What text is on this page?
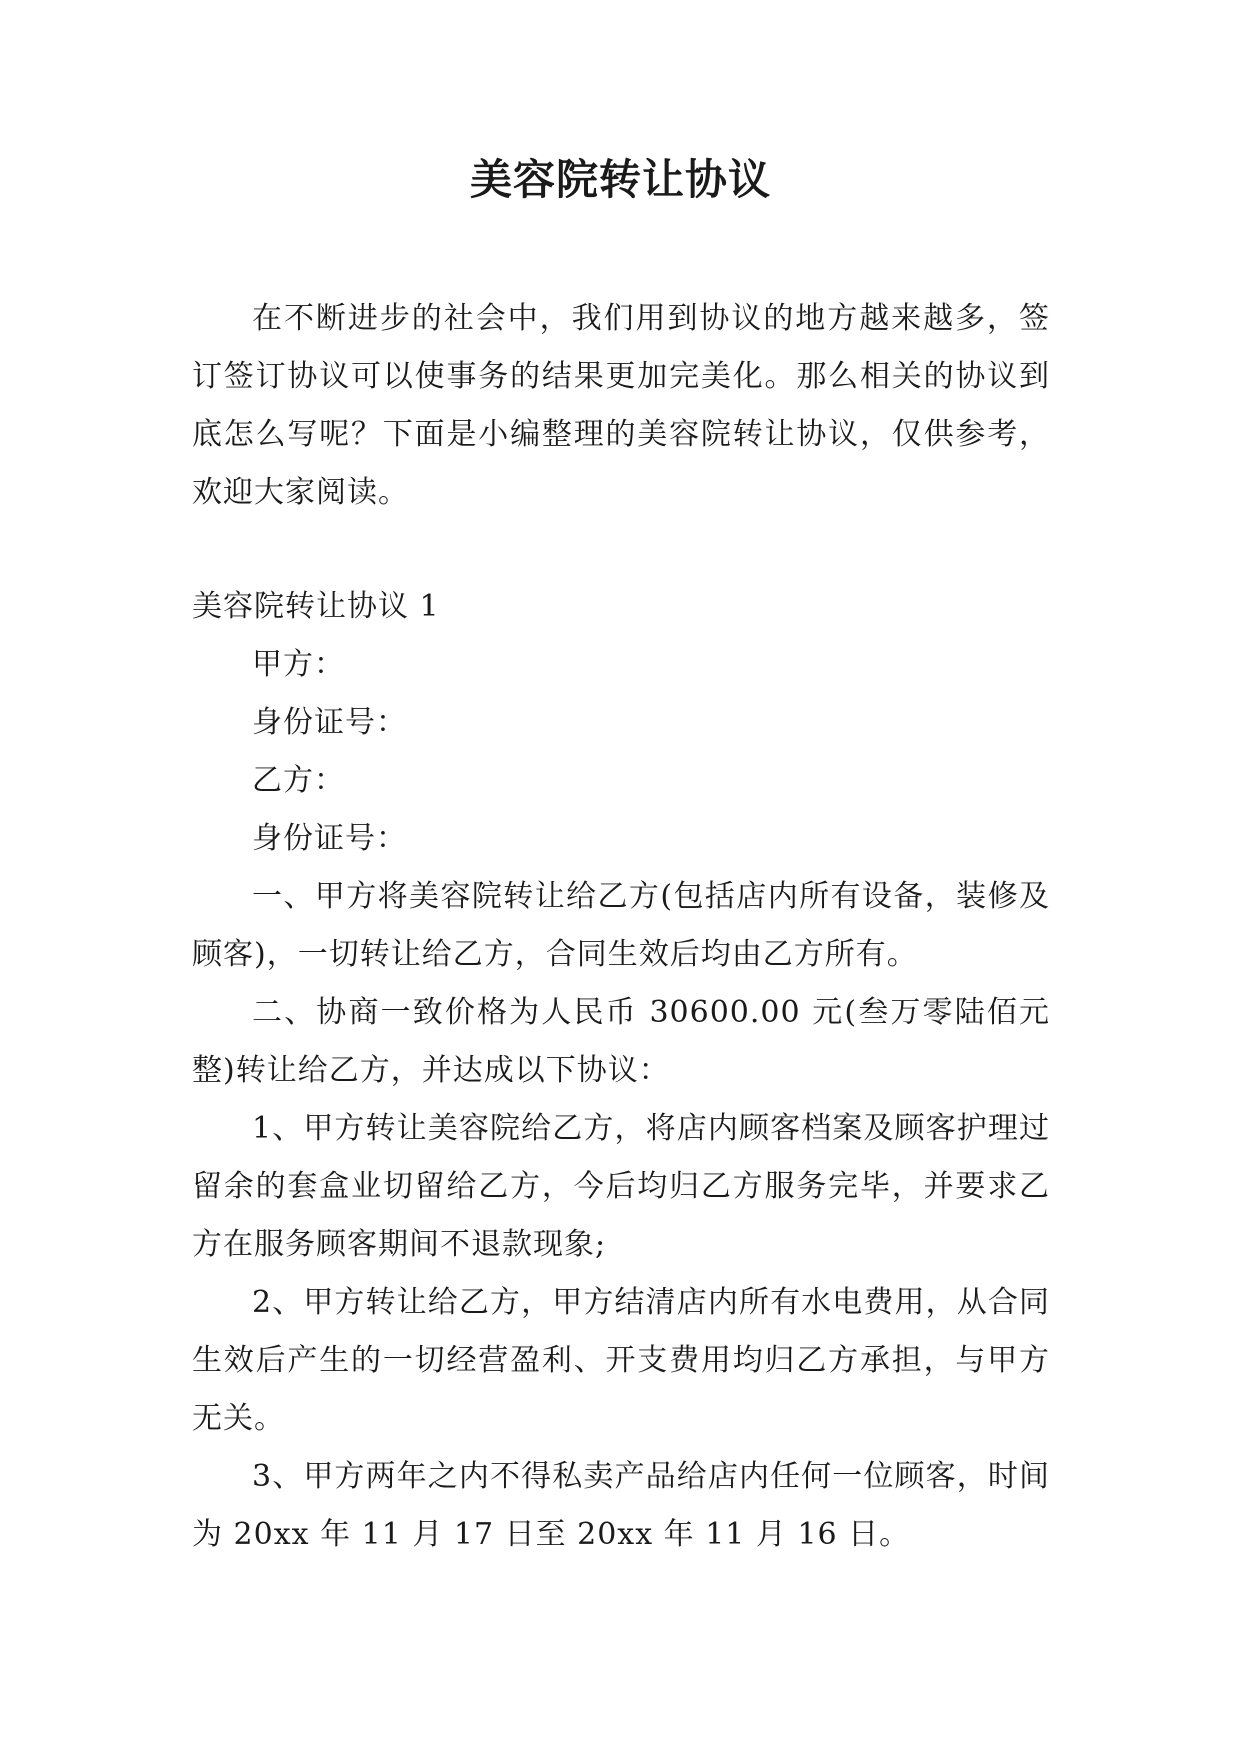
美容院转让协议

在不断进步的社会中，我们用到协议的地方越来越多，签订签订协议可以使事务的结果更加完美化。那么相关的协议到底怎么写呢？下面是小编整理的美容院转让协议，仅供参考，欢迎大家阅读。

美容院转让协议 1

甲方：

身份证号：

乙方：

身份证号：

一、甲方将美容院转让给乙方(包括店内所有设备，装修及顾客)，一切转让给乙方，合同生效后均由乙方所有。

二、协商一致价格为人民币 30600.00 元(叁万零陆佰元整)转让给乙方，并达成以下协议：

1、甲方转让美容院给乙方，将店内顾客档案及顾客护理过留余的套盒业切留给乙方，今后均归乙方服务完毕，并要求乙方在服务顾客期间不退款现象;

2、甲方转让给乙方，甲方结清店内所有水电费用，从合同生效后产生的一切经营盈利、开支费用均归乙方承担，与甲方无关。

3、甲方两年之内不得私卖产品给店内任何一位顾客，时间为 20xx 年 11 月 17 日至 20xx 年 11 月 16 日。
